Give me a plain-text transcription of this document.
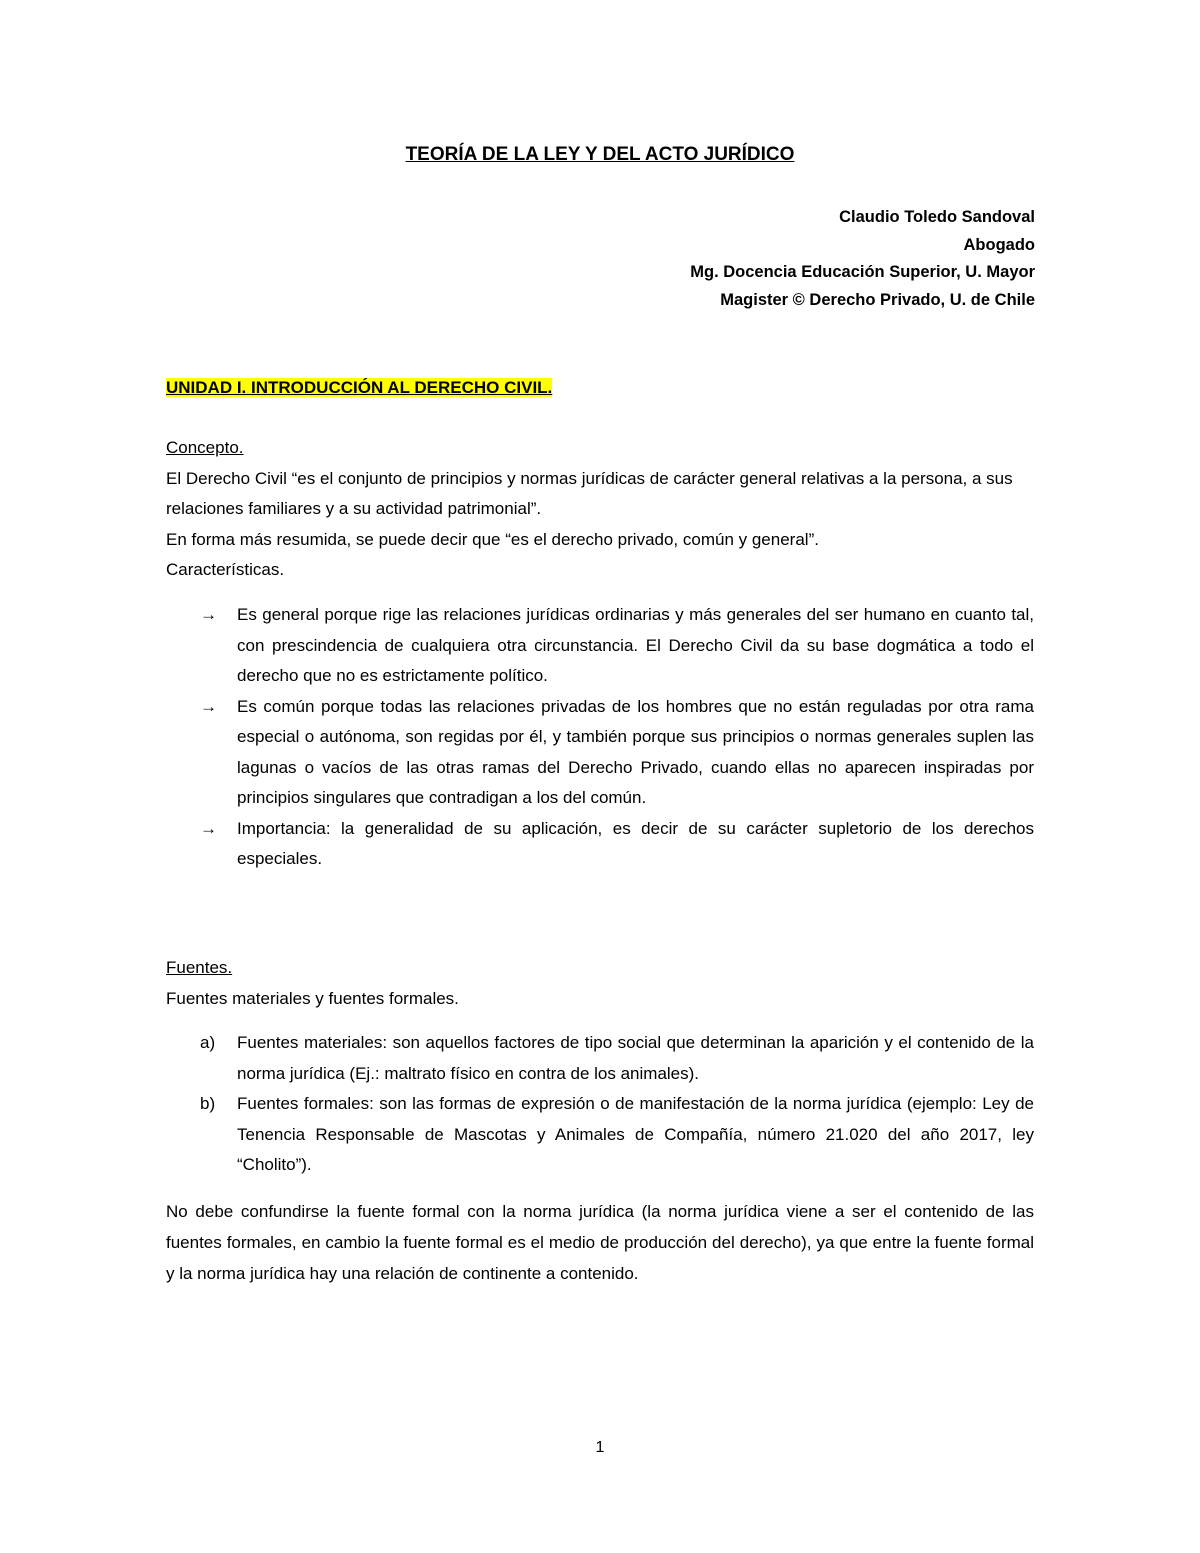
TEORÍA DE LA LEY Y DEL ACTO JURÍDICO
Claudio Toledo Sandoval
Abogado
Mg. Docencia Educación Superior, U. Mayor
Magister © Derecho Privado, U. de Chile
UNIDAD I. INTRODUCCIÓN AL DERECHO CIVIL.
Concepto.

El Derecho Civil “es el conjunto de principios y normas jurídicas de carácter general relativas a la persona, a sus relaciones familiares y a su actividad patrimonial”.

En forma más resumida, se puede decir que “es el derecho privado, común y general”.

Características.

→	Es general porque rige las relaciones jurídicas ordinarias y más generales del ser humano en cuanto tal, con prescindencia de cualquiera otra circunstancia. El Derecho Civil da su base dogmática a todo el derecho que no es estrictamente político.
→	Es común porque todas las relaciones privadas de los hombres que no están reguladas por otra rama especial o autónoma, son regidas por él, y también porque sus principios o normas generales suplen las lagunas o vacíos de las otras ramas del Derecho Privado, cuando ellas no aparecen inspiradas por principios singulares que contradigan a los del común.
→	Importancia: la generalidad de su aplicación, es decir de su carácter supletorio de los derechos especiales.
Fuentes.

Fuentes materiales y fuentes formales.

a)	Fuentes materiales: son aquellos factores de tipo social que determinan la aparición y el contenido de la norma jurídica (Ej.: maltrato físico en contra de los animales).
b)	Fuentes formales: son las formas de expresión o de manifestación de la norma jurídica (ejemplo: Ley de Tenencia Responsable de Mascotas y Animales de Compañía, número 21.020 del año 2017, ley “Cholito”).
No debe confundirse la fuente formal con la norma jurídica (la norma jurídica viene a ser el contenido de las fuentes formales, en cambio la fuente formal es el medio de producción del derecho), ya que entre la fuente formal y la norma jurídica hay una relación de continente a contenido.
1
